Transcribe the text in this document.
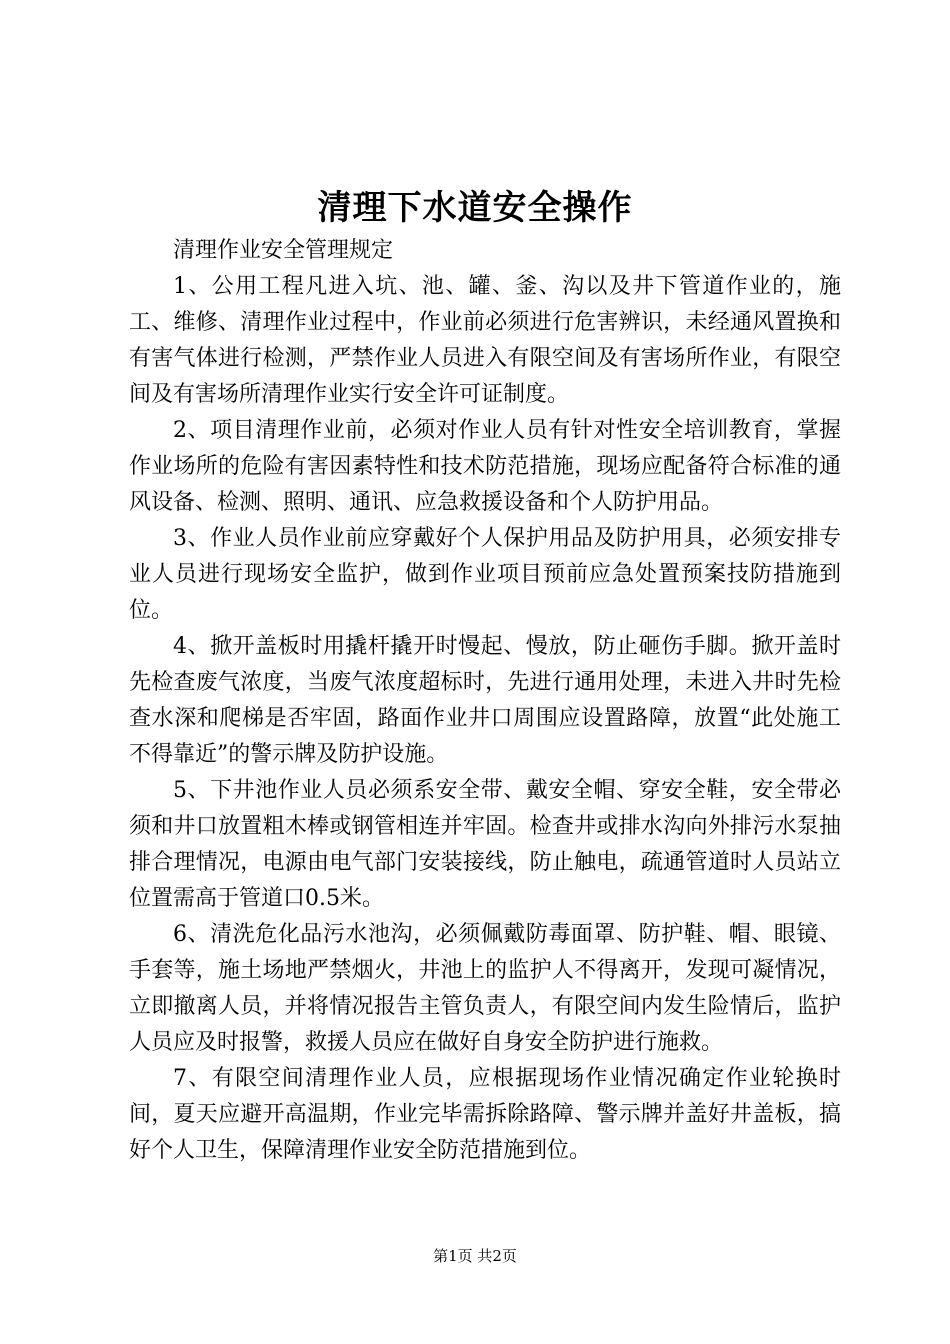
清理下水道安全操作

清理作业安全管理规定

1、公用工程凡进入坑、池、罐、釜、沟以及井下管道作业的，施工、维修、清理作业过程中，作业前必须进行危害辨识，未经通风置换和有害气体进行检测，严禁作业人员进入有限空间及有害场所作业，有限空间及有害场所清理作业实行安全许可证制度。

2、项目清理作业前，必须对作业人员有针对性安全培训教育，掌握作业场所的危险有害因素特性和技术防范措施，现场应配备符合标准的通风设备、检测、照明、通讯、应急救援设备和个人防护用品。

3、作业人员作业前应穿戴好个人保护用品及防护用具，必须安排专业人员进行现场安全监护，做到作业项目预前应急处置预案技防措施到位。

4、掀开盖板时用撬杆撬开时慢起、慢放，防止砸伤手脚。掀开盖时先检查废气浓度，当废气浓度超标时，先进行通用处理，未进入井时先检查水深和爬梯是否牢固，路面作业井口周围应设置路障，放置“此处施工不得靠近”的警示牌及防护设施。

5、下井池作业人员必须系安全带、戴安全帽、穿安全鞋，安全带必须和井口放置粗木棒或钢管相连并牢固。检查井或排水沟向外排污水泵抽排合理情况，电源由电气部门安装接线，防止触电，疏通管道时人员站立位置需高于管道口0.5米。

6、清洗危化品污水池沟，必须佩戴防毒面罩、防护鞋、帽、眼镜、手套等，施土场地严禁烟火，井池上的监护人不得离开，发现可凝情况，立即撤离人员，并将情况报告主管负责人，有限空间内发生险情后，监护人员应及时报警，救援人员应在做好自身安全防护进行施救。

7、有限空间清理作业人员，应根据现场作业情况确定作业轮换时间，夏天应避开高温期，作业完毕需拆除路障、警示牌并盖好井盖板，搞好个人卫生，保障清理作业安全防范措施到位。

第1页 共2页
